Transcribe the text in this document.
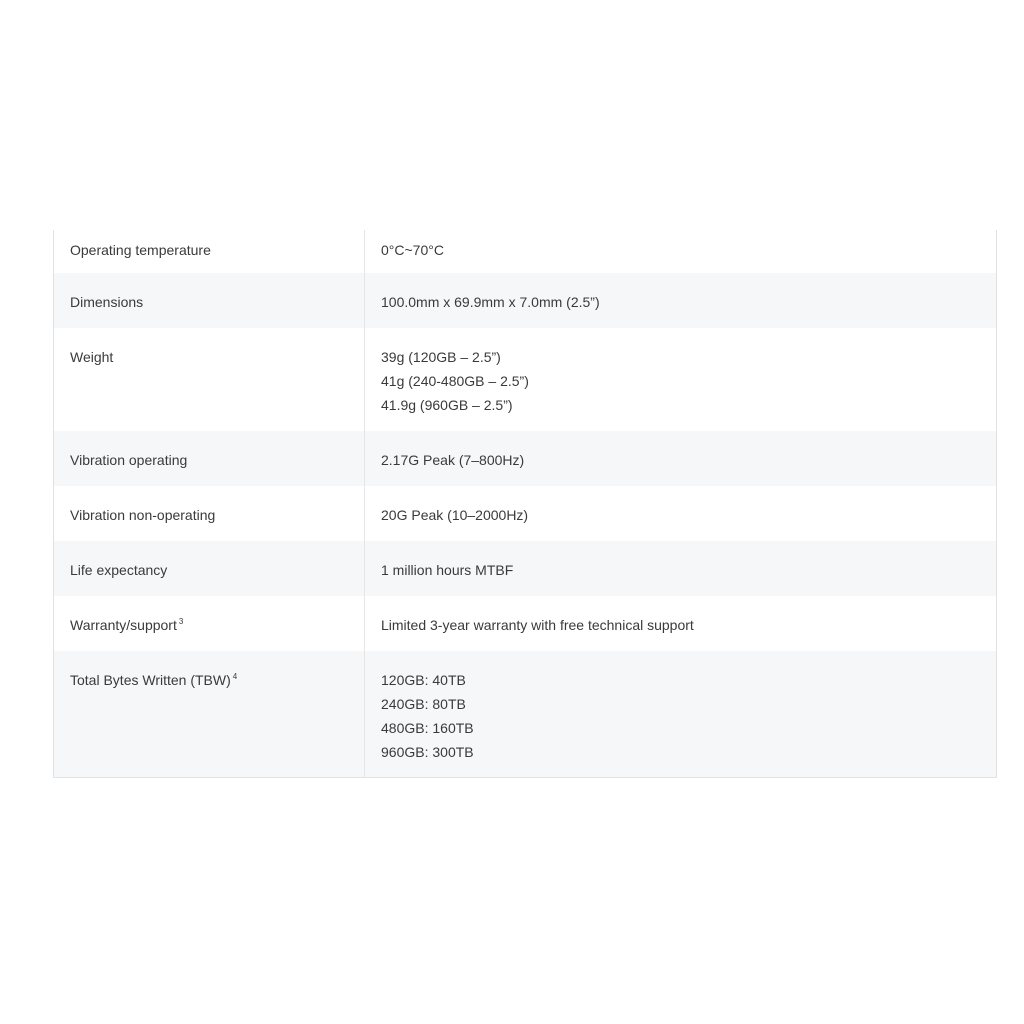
Operating temperature	0°C~70°C
Dimensions	100.0mm x 69.9mm x 7.0mm (2.5”)
Weight	39g (120GB – 2.5”)
41g (240-480GB – 2.5”)
41.9g (960GB – 2.5”)
Vibration operating	2.17G Peak (7–800Hz)
Vibration non-operating	20G Peak (10–2000Hz)
Life expectancy	1 million hours MTBF
Warranty/support $^3$	Limited 3-year warranty with free technical support
Total Bytes Written (TBW) $^4$	120GB: 40TB
240GB: 80TB
480GB: 160TB
960GB: 300TB
